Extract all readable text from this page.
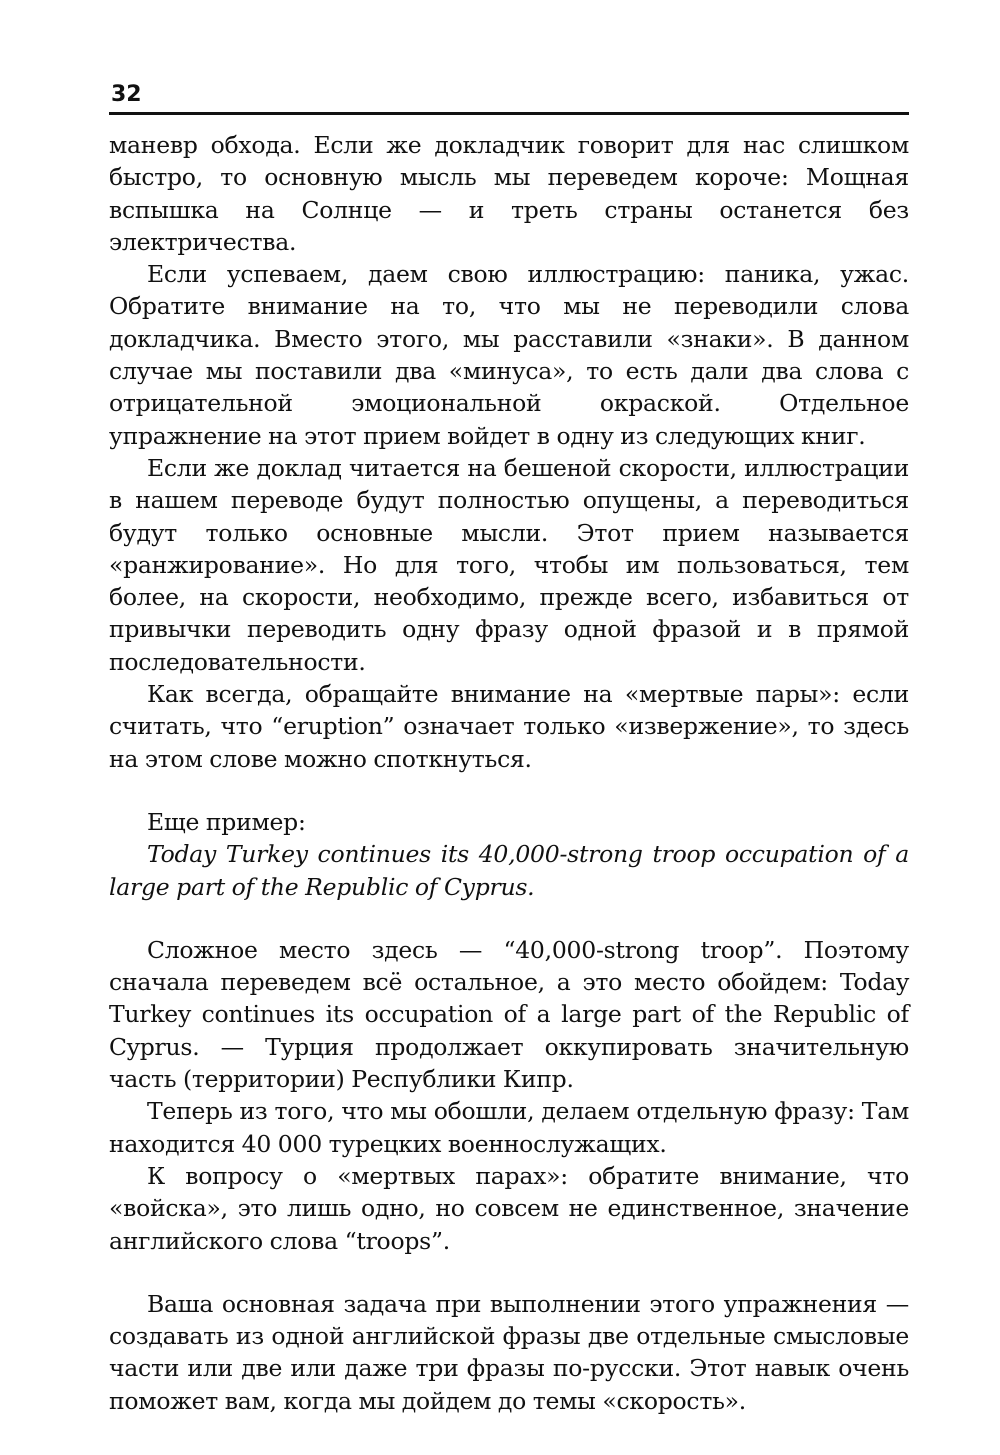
32

маневр обхода. Если же докладчик говорит для нас слишком быстро, то основную мысль мы переведем короче: Мощная вспышка на Солнце — и треть страны останется без электричества.

Если успеваем, даем свою иллюстрацию: паника, ужас. Обратите внимание на то, что мы не переводили слова докладчика. Вместо этого, мы расставили «знаки». В данном случае мы поставили два «минуса», то есть дали два слова с отрицательной эмоциональной окраской. Отдельное упражнение на этот прием войдет в одну из следующих книг.

Если же доклад читается на бешеной скорости, иллюстрации в нашем переводе будут полностью опущены, а переводиться будут только основные мысли. Этот прием называется «ранжирование». Но для того, чтобы им пользоваться, тем более, на скорости, необходимо, прежде всего, избавиться от привычки переводить одну фразу одной фразой и в прямой последовательности.

Как всегда, обращайте внимание на «мертвые пары»: если считать, что “eruption” означает только «извержение», то здесь на этом слове можно споткнуться.

Еще пример:

Today Turkey continues its 40,000-strong troop occupation of a large part of the Republic of Cyprus.

Сложное место здесь — “40,000-strong troop”. Поэтому сначала переведем всё остальное, а это место обойдем: Today Turkey continues its occupation of a large part of the Republic of Cyprus. — Турция продолжает оккупировать значительную часть (территории) Республики Кипр.

Теперь из того, что мы обошли, делаем отдельную фразу: Там находится 40 000 турецких военнослужащих.

К вопросу о «мертвых парах»: обратите внимание, что «войска», это лишь одно, но совсем не единственное, значение английского слова “troops”.

Ваша основная задача при выполнении этого упражнения — создавать из одной английской фразы две отдельные смысловые части или две или даже три фразы по-русски. Этот навык очень поможет вам, когда мы дойдем до темы «скорость».
